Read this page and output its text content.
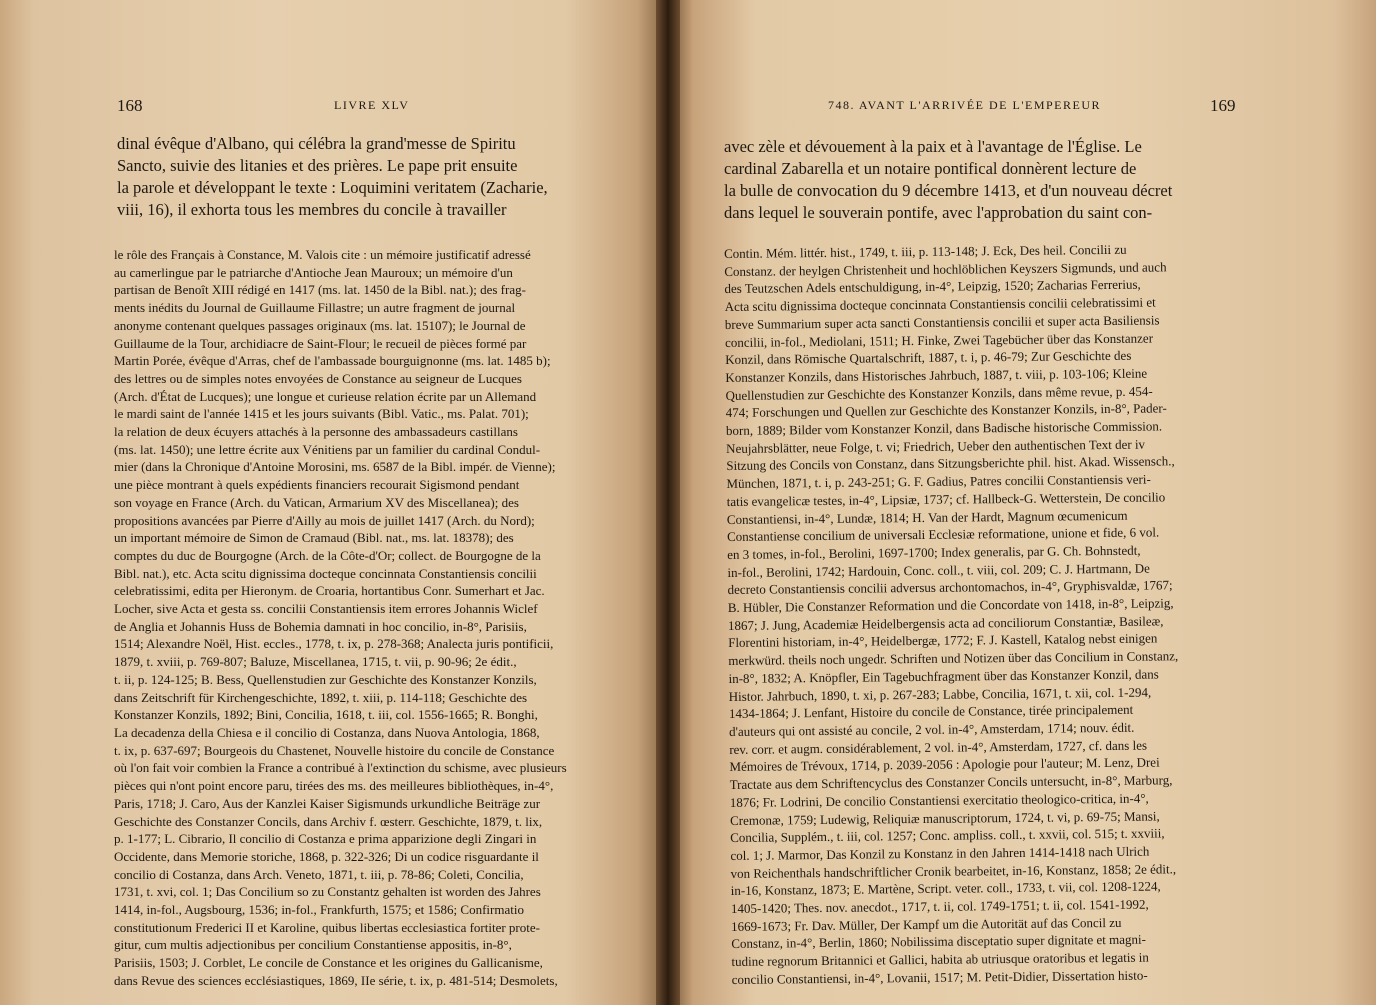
168	LIVRE XLV
dinal évêque d'Albano, qui célébra la grand'messe de Spiritu
Sancto, suivie des litanies et des prières. Le pape prit ensuite
la parole et développant le texte : Loquimini veritatem (Zacharie,
viii, 16), il exhorta tous les membres du concile à travailler
le rôle des Français à Constance, M. Valois cite : un mémoire justificatif adressé
au camerlingue par le patriarche d'Antioche Jean Mauroux; un mémoire d'un
partisan de Benoît XIII rédigé en 1417 (ms. lat. 1450 de la Bibl. nat.); des frag-
ments inédits du Journal de Guillaume Fillastre; un autre fragment de journal
anonyme contenant quelques passages originaux (ms. lat. 15107); le Journal de
Guillaume de la Tour, archidiacre de Saint-Flour; le recueil de pièces formé par
Martin Porée, évêque d'Arras, chef de l'ambassade bourguignonne (ms. lat. 1485 b);
des lettres ou de simples notes envoyées de Constance au seigneur de Lucques
(Arch. d'État de Lucques); une longue et curieuse relation écrite par un Allemand
le mardi saint de l'année 1415 et les jours suivants (Bibl. Vatic., ms. Palat. 701);
la relation de deux écuyers attachés à la personne des ambassadeurs castillans
(ms. lat. 1450); une lettre écrite aux Vénitiens par un familier du cardinal Condul-
mier (dans la Chronique d'Antoine Morosini, ms. 6587 de la Bibl. impér. de Vienne);
une pièce montrant à quels expédients financiers recourait Sigismond pendant
son voyage en France (Arch. du Vatican, Armarium XV des Miscellanea); des
propositions avancées par Pierre d'Ailly au mois de juillet 1417 (Arch. du Nord);
un important mémoire de Simon de Cramaud (Bibl. nat., ms. lat. 18378); des
comptes du duc de Bourgogne (Arch. de la Côte-d'Or; collect. de Bourgogne de la
Bibl. nat.), etc. Acta scitu dignissima docteque concinnata Constantiensis concilii
celebratissimi, edita per Hieronym. de Croaria, hortantibus Conr. Sumerhart et Jac.
Locher, sive Acta et gesta ss. concilii Constantiensis item errores Johannis Wiclef
de Anglia et Johannis Huss de Bohemia damnati in hoc concilio, in-8°, Parisiis,
1514; Alexandre Noël, Hist. eccles., 1778, t. ix, p. 278-368; Analecta juris pontificii,
1879, t. xviii, p. 769-807; Baluze, Miscellanea, 1715, t. vii, p. 90-96; 2e édit.,
t. ii, p. 124-125; B. Bess, Quellenstudien zur Geschichte des Konstanzer Konzils,
dans Zeitschrift für Kirchengeschichte, 1892, t. xiii, p. 114-118; Geschichte des
Konstanzer Konzils, 1892; Bini, Concilia, 1618, t. iii, col. 1556-1665; R. Bonghi,
La decadenza della Chiesa e il concilio di Costanza, dans Nuova Antologia, 1868,
t. ix, p. 637-697; Bourgeois du Chastenet, Nouvelle histoire du concile de Constance
où l'on fait voir combien la France a contribué à l'extinction du schisme, avec plusieurs
pièces qui n'ont point encore paru, tirées des ms. des meilleures bibliothèques, in-4°,
Paris, 1718; J. Caro, Aus der Kanzlei Kaiser Sigismunds urkundliche Beiträge zur
Geschichte des Constanzer Concils, dans Archiv f. œsterr. Geschichte, 1879, t. lix,
p. 1-177; L. Cibrario, Il concilio di Costanza e prima apparizione degli Zingari in
Occidente, dans Memorie storiche, 1868, p. 322-326; Di un codice risguardante il
concilio di Costanza, dans Arch. Veneto, 1871, t. iii, p. 78-86; Coleti, Concilia,
1731, t. xvi, col. 1; Das Concilium so zu Constantz gehalten ist worden des Jahres
1414, in-fol., Augsbourg, 1536; in-fol., Frankfurth, 1575; et 1586; Confirmatio
constitutionum Frederici II et Karoline, quibus libertas ecclesiastica fortiter prote-
gitur, cum multis adjectionibus per concilium Constantiense appositis, in-8°,
Parisiis, 1503; J. Corblet, Le concile de Constance et les origines du Gallicanisme,
dans Revue des sciences ecclésiastiques, 1869, IIe série, t. ix, p. 481-514; Desmolets,
748. AVANT L'ARRIVÉE DE L'EMPEREUR	169
avec zèle et dévouement à la paix et à l'avantage de l'Église. Le
cardinal Zabarella et un notaire pontifical donnèrent lecture de
la bulle de convocation du 9 décembre 1413, et d'un nouveau décret
dans lequel le souverain pontife, avec l'approbation du saint con-
Contin. Mém. littér. hist., 1749, t. iii, p. 113-148; J. Eck, Des heil. Concilii zu
Constanz. der heylgen Christenheit und hochlöblichen Keyszers Sigmunds, und auch
des Teutzschen Adels entschuldigung, in-4°, Leipzig, 1520; Zacharias Ferrerius,
Acta scitu dignissima docteque concinnata Constantiensis concilii celebratissimi et
breve Summarium super acta sancti Constantiensis concilii et super acta Basiliensis
concilii, in-fol., Mediolani, 1511; H. Finke, Zwei Tagebücher über das Konstanzer
Konzil, dans Römische Quartalschrift, 1887, t. i, p. 46-79; Zur Geschichte des
Konstanzer Konzils, dans Historisches Jahrbuch, 1887, t. viii, p. 103-106; Kleine
Quellenstudien zur Geschichte des Konstanzer Konzils, dans même revue, p. 454-
474; Forschungen und Quellen zur Geschichte des Konstanzer Konzils, in-8°, Pader-
born, 1889; Bilder vom Konstanzer Konzil, dans Badische historische Commission.
Neujahrsblätter, neue Folge, t. vi; Friedrich, Ueber den authentischen Text der iv
Sitzung des Concils von Constanz, dans Sitzungsberichte phil. hist. Akad. Wissensch.,
München, 1871, t. i, p. 243-251; G. F. Gadius, Patres concilii Constantiensis veri-
tatis evangelicæ testes, in-4°, Lipsiæ, 1737; cf. Hallbeck-G. Wetterstein, De concilio
Constantiensi, in-4°, Lundæ, 1814; H. Van der Hardt, Magnum œcumenicum
Constantiense concilium de universali Ecclesiæ reformatione, unione et fide, 6 vol.
en 3 tomes, in-fol., Berolini, 1697-1700; Index generalis, par G. Ch. Bohnstedt,
in-fol., Berolini, 1742; Hardouin, Conc. coll., t. viii, col. 209; C. J. Hartmann, De
decreto Constantiensis concilii adversus archontomachos, in-4°, Gryphisvaldæ, 1767;
B. Hübler, Die Constanzer Reformation und die Concordate von 1418, in-8°, Leipzig,
1867; J. Jung, Academiæ Heidelbergensis acta ad conciliorum Constantiæ, Basileæ,
Florentini historiam, in-4°, Heidelbergæ, 1772; F. J. Kastell, Katalog nebst einigen
merkwürd. theils noch ungedr. Schriften und Notizen über das Concilium in Constanz,
in-8°, 1832; A. Knöpfler, Ein Tagebuchfragment über das Konstanzer Konzil, dans
Histor. Jahrbuch, 1890, t. xi, p. 267-283; Labbe, Concilia, 1671, t. xii, col. 1-294,
1434-1864; J. Lenfant, Histoire du concile de Constance, tirée principalement
d'auteurs qui ont assisté au concile, 2 vol. in-4°, Amsterdam, 1714; nouv. édit.
rev. corr. et augm. considérablement, 2 vol. in-4°, Amsterdam, 1727, cf. dans les
Mémoires de Trévoux, 1714, p. 2039-2056 : Apologie pour l'auteur; M. Lenz, Drei
Tractate aus dem Schriftencyclus des Constanzer Concils untersucht, in-8°, Marburg,
1876; Fr. Lodrini, De concilio Constantiensi exercitatio theologico-critica, in-4°,
Cremonæ, 1759; Ludewig, Reliquiæ manuscriptorum, 1724, t. vi, p. 69-75; Mansi,
Concilia, Supplém., t. iii, col. 1257; Conc. ampliss. coll., t. xxvii, col. 515; t. xxviii,
col. 1; J. Marmor, Das Konzil zu Konstanz in den Jahren 1414-1418 nach Ulrich
von Reichenthals handschriftlicher Cronik bearbeitet, in-16, Konstanz, 1858; 2e édit.,
in-16, Konstanz, 1873; E. Martène, Script. veter. coll., 1733, t. vii, col. 1208-1224,
1405-1420; Thes. nov. anecdot., 1717, t. ii, col. 1749-1751; t. ii, col. 1541-1992,
1669-1673; Fr. Dav. Müller, Der Kampf um die Autorität auf das Concil zu
Constanz, in-4°, Berlin, 1860; Nobilissima disceptatio super dignitate et magni-
tudine regnorum Britannici et Gallici, habita ab utriusque oratoribus et legatis in
concilio Constantiensi, in-4°, Lovanii, 1517; M. Petit-Didier, Dissertation histo-
